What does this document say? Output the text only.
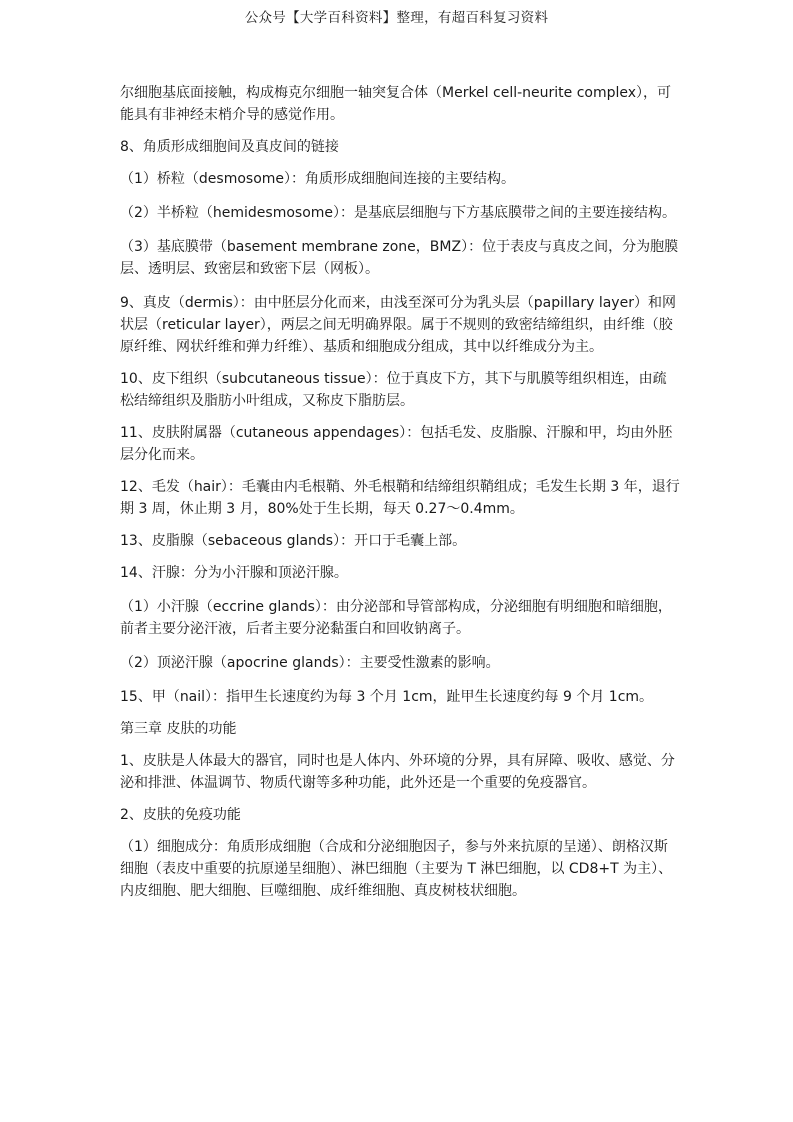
公众号【大学百科资料】整理，有超百科复习资料

尔细胞基底面接触，构成梅克尔细胞一轴突复合体（Merkel cell-neurite complex），可能具有非神经末梢介导的感觉作用。

8、角质形成细胞间及真皮间的链接

（1）桥粒（desmosome）：角质形成细胞间连接的主要结构。

（2）半桥粒（hemidesmosome）：是基底层细胞与下方基底膜带之间的主要连接结构。

（3）基底膜带（basement membrane zone，BMZ）：位于表皮与真皮之间，分为胞膜层、透明层、致密层和致密下层（网板）。

9、真皮（dermis）：由中胚层分化而来，由浅至深可分为乳头层（papillary layer）和网状层（reticular layer），两层之间无明确界限。属于不规则的致密结缔组织，由纤维（胶原纤维、网状纤维和弹力纤维）、基质和细胞成分组成，其中以纤维成分为主。

10、皮下组织（subcutaneous tissue）：位于真皮下方，其下与肌膜等组织相连，由疏松结缔组织及脂肪小叶组成，又称皮下脂肪层。

11、皮肤附属器（cutaneous appendages）：包括毛发、皮脂腺、汗腺和甲，均由外胚层分化而来。

12、毛发（hair）：毛囊由内毛根鞘、外毛根鞘和结缔组织鞘组成；毛发生长期 3 年，退行期 3 周，休止期 3 月，80%处于生长期，每天 0.27～0.4mm。

13、皮脂腺（sebaceous glands）：开口于毛囊上部。

14、汗腺：分为小汗腺和顶泌汗腺。

（1）小汗腺（eccrine glands）：由分泌部和导管部构成，分泌细胞有明细胞和暗细胞，前者主要分泌汗液，后者主要分泌黏蛋白和回收钠离子。

（2）顶泌汗腺（apocrine glands）：主要受性激素的影响。

15、甲（nail）：指甲生长速度约为每 3 个月 1cm，趾甲生长速度约每 9 个月 1cm。

第三章 皮肤的功能

1、皮肤是人体最大的器官，同时也是人体内、外环境的分界，具有屏障、吸收、感觉、分泌和排泄、体温调节、物质代谢等多种功能，此外还是一个重要的免疫器官。

2、皮肤的免疫功能

（1）细胞成分：角质形成细胞（合成和分泌细胞因子，参与外来抗原的呈递）、朗格汉斯细胞（表皮中重要的抗原递呈细胞）、淋巴细胞（主要为 T 淋巴细胞，以 CD8+T 为主）、内皮细胞、肥大细胞、巨噬细胞、成纤维细胞、真皮树枝状细胞。
